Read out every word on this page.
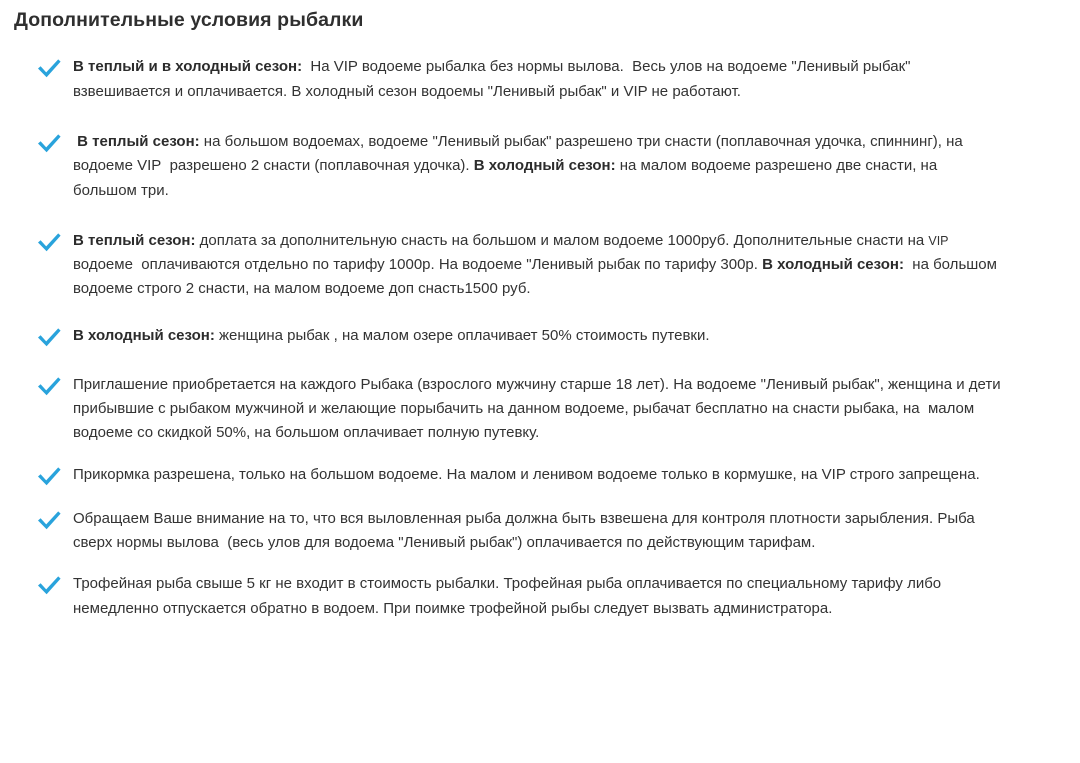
Дополнительные условия рыбалки
В теплый и в холодный сезон:  На VIP водоеме рыбалка без нормы вылова.  Весь улов на водоеме "Ленивый рыбак" взвешивается и оплачивается. В холодный сезон водоемы "Ленивый рыбак" и VIP не работают.
В теплый сезон: на большом водоемах, водоеме "Ленивый рыбак" разрешено три снасти (поплавочная удочка, спиннинг), на водоеме VIP  разрешено 2 снасти (поплавочная удочка). В холодный сезон: на малом водоеме разрешено две снасти, на большом три.
В теплый сезон: доплата за дополнительную снасть на большом и малом водоеме 1000руб. Дополнительные снасти на VIP водоеме  оплачиваются отдельно по тарифу 1000р. На водоеме "Ленивый рыбак по тарифу 300р. В холодный сезон:  на большом водоеме строго 2 снасти, на малом водоеме доп снасть1500 руб.
В холодный сезон: женщина рыбак , на малом озере оплачивает 50% стоимость путевки.
Приглашение приобретается на каждого Рыбака (взрослого мужчину старше 18 лет). На водоеме "Ленивый рыбак", женщина и дети прибывшие с рыбаком мужчиной и желающие порыбачить на данном водоеме, рыбачат бесплатно на снасти рыбака, на  малом водоеме со скидкой 50%, на большом оплачивает полную путевку.
Прикормка разрешена, только на большом водоеме. На малом и ленивом водоеме только в кормушке, на VIP строго запрещена.
Обращаем Ваше внимание на то, что вся выловленная рыба должна быть взвешена для контроля плотности зарыбления. Рыба сверх нормы вылова  (весь улов для водоема "Ленивый рыбак") оплачивается по действующим тарифам.
Трофейная рыба свыше 5 кг не входит в стоимость рыбалки. Трофейная рыба оплачивается по специальному тарифу либо немедленно отпускается обратно в водоем. При поимке трофейной рыбы следует вызвать администратора.
